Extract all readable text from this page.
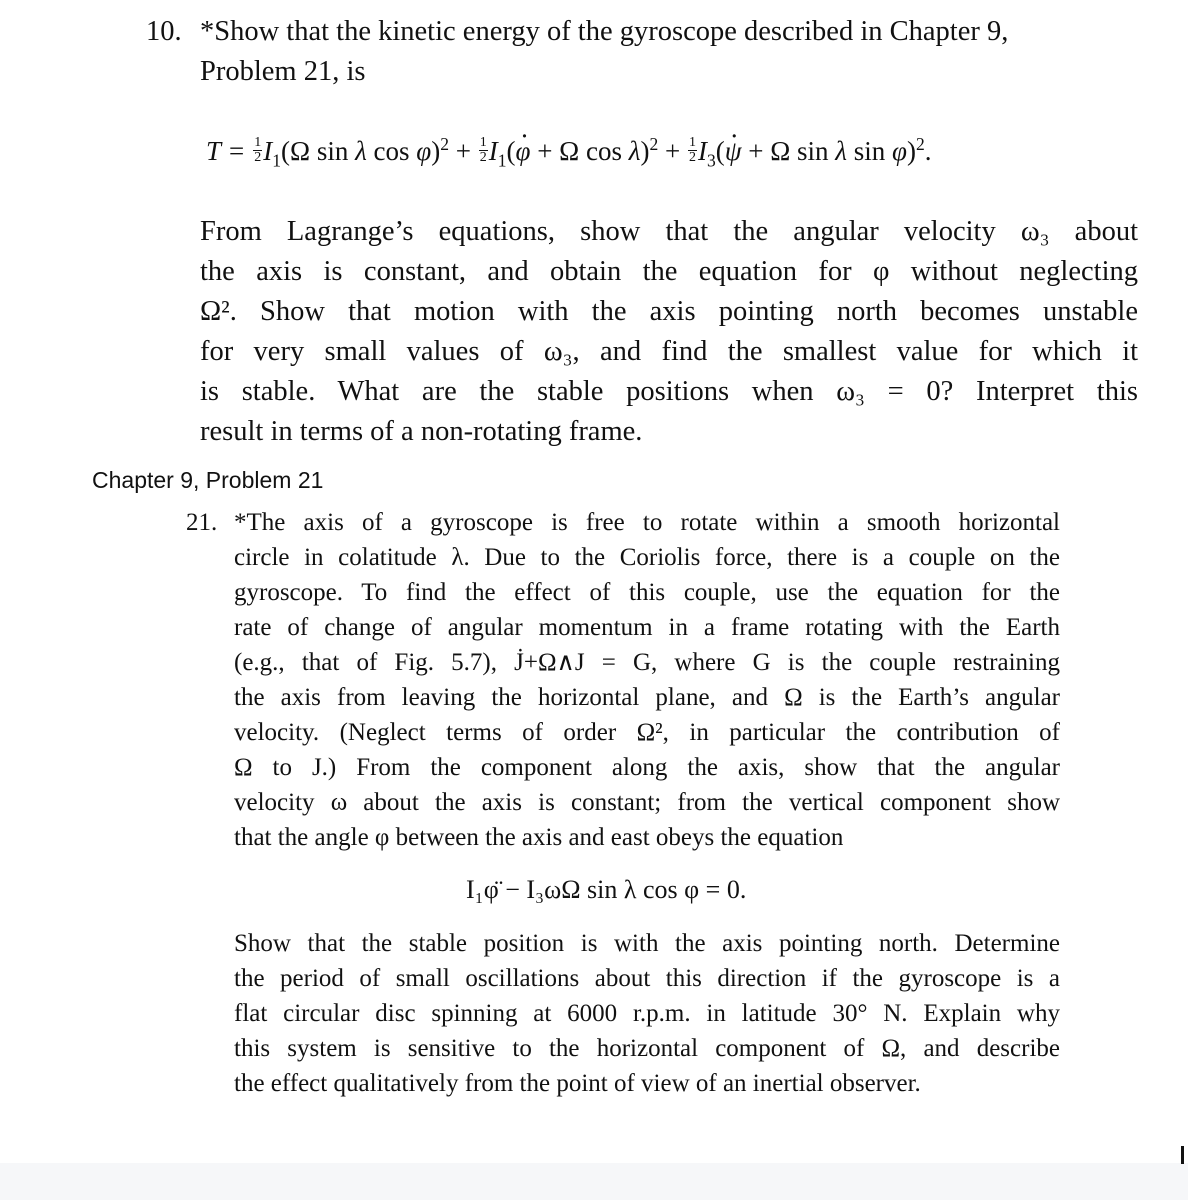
10. *Show that the kinetic energy of the gyroscope described in Chapter 9,
Problem 21, is
$T = \frac{1}{2} I_1(\Omega$ sin λ $\cos \varphi)^2 + \frac{1}{2} I_1(\varphi$ · + Ω $\cos \lambda)^2 + \frac{1}{2} I_3(\psi$ · + Ω sin λ sin φ)$^2$.
From Lagrange’s equations, show that the angular velocity ω₃ about
the axis is constant, and obtain the equation for φ without neglecting
Ω². Show that motion with the axis pointing north becomes unstable
for very small values of ω₃, and find the smallest value for which it
is stable. What are the stable positions when ω₃ = 0? Interpret this
result in terms of a non-rotating frame.
Chapter 9, Problem 21
21. *The axis of a gyroscope is free to rotate within a smooth horizontal
circle in colatitude λ. Due to the Coriolis force, there is a couple on the
gyroscope. To find the effect of this couple, use the equation for the
rate of change of angular momentum in a frame rotating with the Earth
(e.g., that of Fig. 5.7), J̇+Ω∧J = G, where G is the couple restraining
the axis from leaving the horizontal plane, and Ω is the Earth’s angular
velocity. (Neglect terms of order Ω², in particular the contribution of
Ω to J.) From the component along the axis, show that the angular
velocity ω about the axis is constant; from the vertical component show
that the angle φ between the axis and east obeys the equation
I₁φ̈ − I₃ωΩ sin λ cos φ = 0.
Show that the stable position is with the axis pointing north. Determine
the period of small oscillations about this direction if the gyroscope is a
flat circular disc spinning at 6000 r.p.m. in latitude 30° N. Explain why
this system is sensitive to the horizontal component of Ω, and describe
the effect qualitatively from the point of view of an inertial observer.
